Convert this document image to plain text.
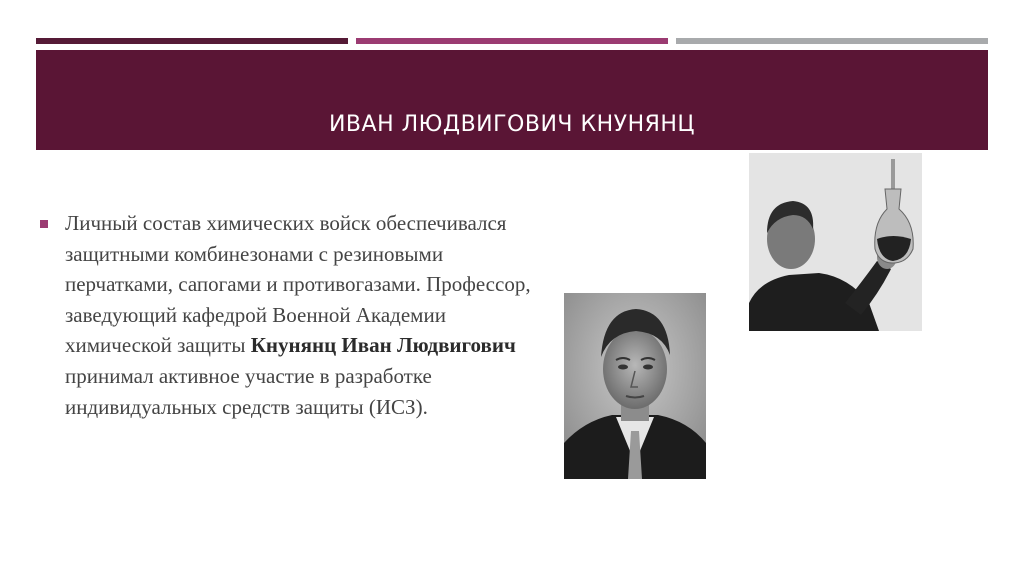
ИВАН ЛЮДВИГОВИЧ КНУНЯНЦ
Личный состав химических войск обеспечивался защитными комбинезонами с резиновыми перчатками, сапогами и противогазами. Профессор, заведующий кафедрой Военной Академии химической защиты Кнунянц Иван Людвигович принимал активное участие в разработке индивидуальных средств защиты (ИСЗ).
